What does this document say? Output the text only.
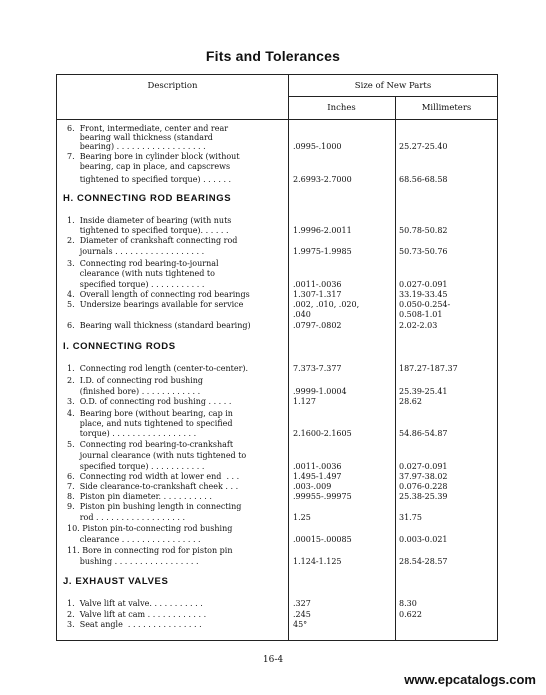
Fits and Tolerances
Description	Size of New Parts
Inches	Millimeters
6.  Front, intermediate, center and rear
bearing wall thickness (standard
bearing) . . . . . . . . . . . . . . . . . .	.0995-.1000	25.27-25.40
7.  Bearing bore in cylinder block (without
bearing, cap in place, and capscrews
tightened to specified torque) . . . . . .	2.6993-2.7000	68.56-68.58
1.  Inside diameter of bearing (with nuts
tightened to specified torque). . . . . .	1.9996-2.0011	50.78-50.82
2.  Diameter of crankshaft connecting rod
journals . . . . . . . . . . . . . . . . . .	1.9975-1.9985	50.73-50.76
3.  Connecting rod bearing-to-journal
clearance (with nuts tightened to
specified torque) . . . . . . . . . . .	.0011-.0036	0.027-0.091
4.  Overall length of connecting rod bearings	1.307-1.317	33.19-33.45
5.  Undersize bearings available for service	.002, .010, .020,	0.050-0.254-
.040	0.508-1.01
6.  Bearing wall thickness (standard bearing)	.0797-.0802	2.02-2.03
1.  Connecting rod length (center-to-center).	7.373-7.377	187.27-187.37
2.  I.D. of connecting rod bushing
(finished bore) . . . . . . . . . . . .	.9999-1.0004	25.39-25.41
3.  O.D. of connecting rod bushing . . . . .	1.127	28.62
4.  Bearing bore (without bearing, cap in
place, and nuts tightened to specified
torque) . . . . . . . . . . . . . . . . .	2.1600-2.1605	54.86-54.87
5.  Connecting rod bearing-to-crankshaft
journal clearance (with nuts tightened to
specified torque) . . . . . . . . . . .	.0011-.0036	0.027-0.091
6.  Connecting rod width at lower end  . . .	1.495-1.497	37.97-38.02
7.  Side clearance-to-crankshaft cheek . . .	.003-.009	0.076-0.228
8.  Piston pin diameter. . . . . . . . . . .	.99955-.99975	25.38-25.39
9.  Piston pin bushing length in connecting
rod . . . . . . . . . . . . . . . . . .	1.25	31.75
10. Piston pin-to-connecting rod bushing
clearance . . . . . . . . . . . . . . . .	.00015-.00085	0.003-0.021
11. Bore in connecting rod for piston pin
bushing . . . . . . . . . . . . . . . . .	1.124-1.125	28.54-28.57
1.  Valve lift at valve. . . . . . . . . . .	.327	8.30
2.  Valve lift at cam . . . . . . . . . . . .	.245	0.622
3.  Seat angle  . . . . . . . . . . . . . . .	45°
H. CONNECTING ROD BEARINGS
I. CONNECTING RODS
J. EXHAUST VALVES
16-4
www.epcatalogs.com
